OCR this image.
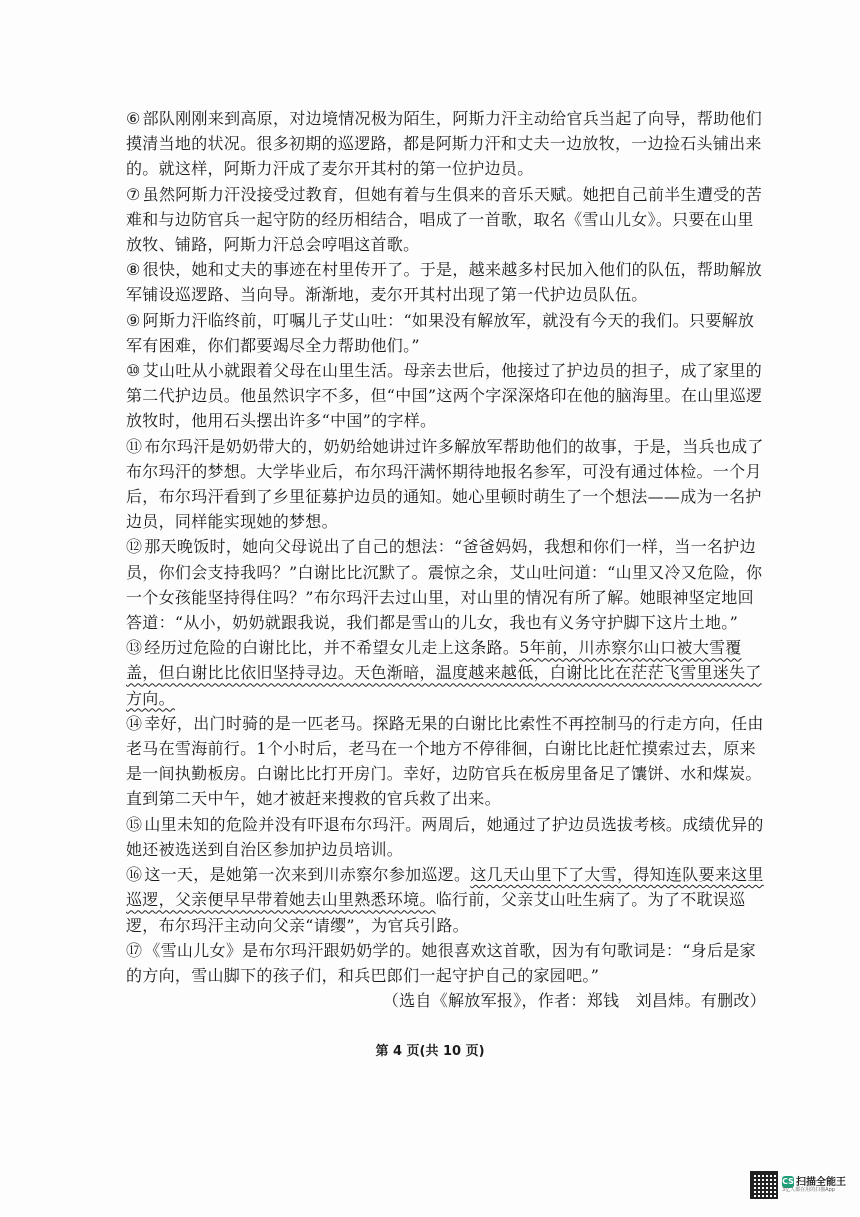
⑥ 部队刚刚来到高原，对边境情况极为陌生，阿斯力汗主动给官兵当起了向导，帮助他们摸清当地的状况。很多初期的巡逻路，都是阿斯力汗和丈夫一边放牧，一边捡石头铺出来的。就这样，阿斯力汗成了麦尔开其村的第一位护边员。

⑦ 虽然阿斯力汗没接受过教育，但她有着与生俱来的音乐天赋。她把自己前半生遭受的苦难和与边防官兵一起守防的经历相结合，唱成了一首歌，取名《雪山儿女》。只要在山里放牧、铺路，阿斯力汗总会哼唱这首歌。

⑧ 很快，她和丈夫的事迹在村里传开了。于是，越来越多村民加入他们的队伍，帮助解放军铺设巡逻路、当向导。渐渐地，麦尔开其村出现了第一代护边员队伍。

⑨ 阿斯力汗临终前，叮嘱儿子艾山吐：“如果没有解放军，就没有今天的我们。只要解放军有困难，你们都要竭尽全力帮助他们。”

⑩ 艾山吐从小就跟着父母在山里生活。母亲去世后，他接过了护边员的担子，成了家里的第二代护边员。他虽然识字不多，但“中国”这两个字深深烙印在他的脑海里。在山里巡逻放牧时，他用石头摆出许多“中国”的字样。

⑪ 布尔玛汗是奶奶带大的，奶奶给她讲过许多解放军帮助他们的故事，于是，当兵也成了布尔玛汗的梦想。大学毕业后，布尔玛汗满怀期待地报名参军，可没有通过体检。一个月后，布尔玛汗看到了乡里征募护边员的通知。她心里顿时萌生了一个想法——成为一名护边员，同样能实现她的梦想。

⑫ 那天晚饭时，她向父母说出了自己的想法：“爸爸妈妈，我想和你们一样，当一名护边员，你们会支持我吗？”白谢比比沉默了。震惊之余，艾山吐问道：“山里又冷又危险，你一个女孩能坚持得住吗？”布尔玛汗去过山里，对山里的情况有所了解。她眼神坚定地回答道：“从小，奶奶就跟我说，我们都是雪山的儿女，我也有义务守护脚下这片土地。”

⑬ 经历过危险的白谢比比，并不希望女儿走上这条路。5年前，川赤察尔山口被大雪覆盖，但白谢比比依旧坚持寻边。天色渐暗，温度越来越低，白谢比比在茫茫飞雪里迷失了方向。

⑭ 幸好，出门时骑的是一匹老马。探路无果的白谢比比索性不再控制马的行走方向，任由老马在雪海前行。1个小时后，老马在一个地方不停徘徊，白谢比比赶忙摸索过去，原来是一间执勤板房。白谢比比打开房门。幸好，边防官兵在板房里备足了馕饼、水和煤炭。直到第二天中午，她才被赶来搜救的官兵救了出来。

⑮ 山里未知的危险并没有吓退布尔玛汗。两周后，她通过了护边员选拔考核。成绩优异的她还被选送到自治区参加护边员培训。

⑯ 这一天，是她第一次来到川赤察尔参加巡逻。这几天山里下了大雪，得知连队要来这里巡逻，父亲便早早带着她去山里熟悉环境。临行前，父亲艾山吐生病了。为了不耽误巡逻，布尔玛汗主动向父亲“请缨”，为官兵引路。

⑰ 《雪山儿女》是布尔玛汗跟奶奶学的。她很喜欢这首歌，因为有句歌词是：“身后是家的方向，雪山脚下的孩子们，和兵巴郎们一起守护自己的家园吧。”

（选自《解放军报》，作者：郑钱　刘昌炜。有删改）

第 4 页(共 10 页)
CS 扫描全能王
3亿人都在用的扫描App
